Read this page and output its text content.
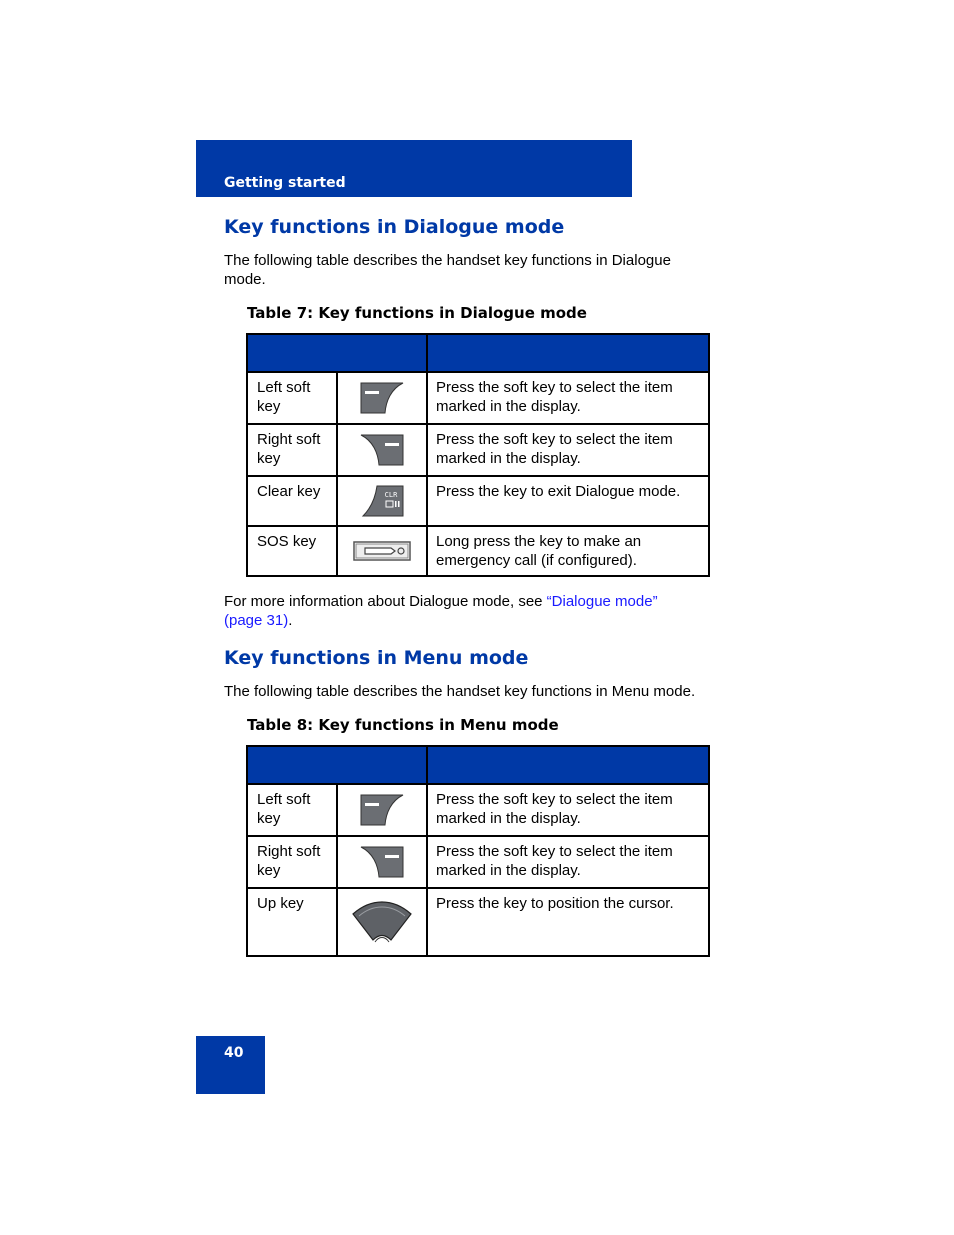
Getting started
Key functions in Dialogue mode

The following table describes the handset key functions in Dialogue mode.

Table 7: Key functions in Dialogue mode

Left soft key		Press the soft key to select the item marked in the display.
Right soft key		Press the soft key to select the item marked in the display.
Clear key	CLR	Press the key to exit Dialogue mode.
SOS key		Long press the key to make an emergency call (if configured).

For more information about Dialogue mode, see “Dialogue mode” (page 31).

Key functions in Menu mode

The following table describes the handset key functions in Menu mode.

Table 8: Key functions in Menu mode

Left soft key		Press the soft key to select the item marked in the display.
Right soft key		Press the soft key to select the item marked in the display.
Up key		Press the key to position the cursor.
40
